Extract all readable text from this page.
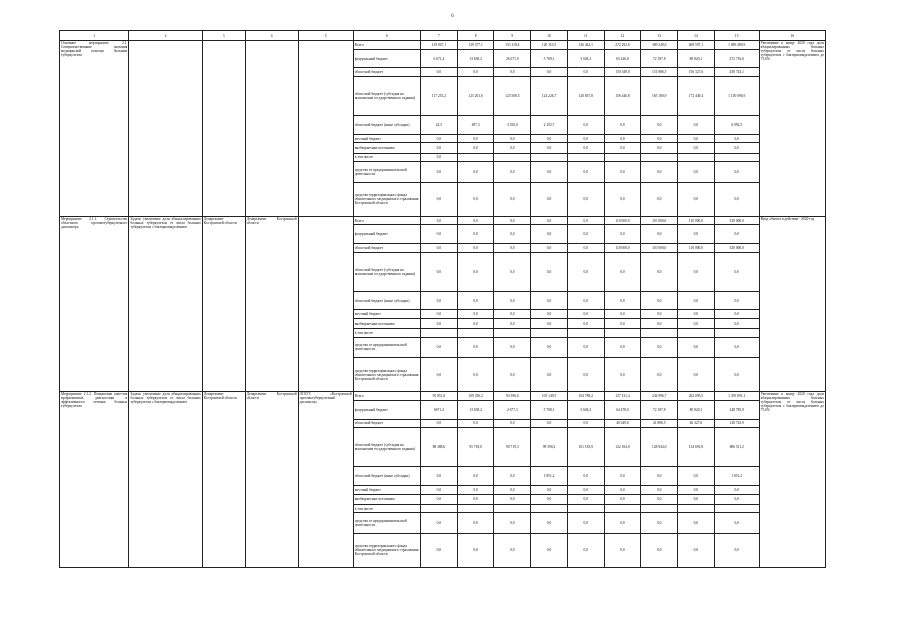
6
1	2	3	4	5	6	7	8	9	10	11	12	13	14	15	16
Основное мероприятие 2.1. Совершенствование оказания медицинской помощи больным туберкулезом					Всего	119 947,1	139 377,1	153 118,4	120 110,5	126 442,1	272 292,6	389 249,0	409 597,1	1 889 489,9	Увеличение к концу 2020 года доли абациллированных больных туберкулезом от числа больных туберкулезом с бактериовыделением до 75,0%
					федеральный бюджет	6 671,4	13 638,2	26 671,9	5 708,1	5 604,3	65 426,8	72 187,8	80 820,1	272 716,6	
					областной бюджет	0,0	0,0	0,0	0,0	0,0	150 349,0	151 886,5	156 327,6	458 743,1	
					областной бюджет (субсидия на выполнение государственного задания)	117 253,2	125 201,6	123 508,5	124 226,7	120 837,8	156 446,8	165 180,9	172 449,4	1 150 096,9	
					областной бюджет (иные субсидии)	22,5	497,3	3 350,0	2 102,7	0,0	0,0	0,0	0,0	6 092,5	
					местный бюджет	0,0	0,0	0,0	0,0	0,0	0,0	0,0	0,0	0,0	
					внебюджетные источники	0,0	0,0	0,0	0,0	0,0	0,0	0,0	0,0	0,0	
					в том числе:	0,0									
					средства от предпринимательской деятельности	0,0	0,0	0,0	0,0	0,0	0,0	0,0	0,0	0,0	
					средства территориального фонда обязательного медицинского страхования Костромской области	0,0	0,0	0,0	0,0	0,0	0,0	0,0	0,0	0,0	
Мероприятие 2.1.1. Строительство областного противотуберкулезного диспансера	Задача: увеличение доли абациллированных больных туберкулезом от числа больных туберкулезом с бактериовыделением	Департамент Костромской области	Департамент Костромской области		Всего	0,0	0,0	0,0	0,0	0,0	110 000,0	110 000,0	110 000,0	330 000,0	Ввод объекта в действие - 2020 год
					федеральный бюджет	0,0	0,0	0,0	0,0	0,0	0,0	0,0	0,0	0,0	
					областной бюджет	0,0	0,0	0,0	0,0	0,0	110 000,0	110 000,0	110 000,0	330 000,0	
					областной бюджет (субсидия на выполнение государственного задания)	0,0	0,0	0,0	0,0	0,0	0,0	0,0	0,0	0,0	
					областной бюджет (иные субсидии)	0,0	0,0	0,0	0,0	0,0	0,0	0,0	0,0	0,0	
					местный бюджет	0,0	0,0	0,0	0,0	0,0	0,0	0,0	0,0	0,0	
					внебюджетные источники	0,0	0,0	0,0	0,0	0,0	0,0	0,0	0,0	0,0	
					в том числе:										
					средства от предпринимательской деятельности	0,0	0,0	0,0	0,0	0,0	0,0	0,0	0,0	0,0	
					средства территориального фонда обязательного медицинского страхования Костромской области	0,0	0,0	0,0	0,0	0,0	0,0	0,0	0,0	0,0	
Мероприятие 2.1.2. Повышение качества профилактики, диагностики и эффективности лечения больных туберкулезом	Задача: увеличение доли абациллированных больных туберкулезом от числа больных туберкулезом с бактериовыделением	Департамент Костромской области	Департамент Костромской области	ОГБУЗ «Костромской противотуберкулезный диспансер»	Всего	95 851,0	109 356,2	93 396,6	105 149,5	104 788,2	127 131,4	242 996,7	262 095,5	1 395 891,1	Увеличение к концу 2020 года доли абациллированных больных туберкулезом от числа больных туберкулезом с бактериовыделением до 75,0%
					федеральный бюджет	6671,4	13 638,2	2 677,3	5 708,1	5 604,3	64 478,0	72 187,8	80 820,1	248 785,9	
					областной бюджет	0,0	0,0	0,0	0,0	0,0	40 349,0	41 886,5	46 327,6	128 743,9	
					областной бюджет (субсидия на выполнение государственного задания)	88 388,6	95 718,0	90 719,3	99 590,2	101 183,9	122 104,0	128 944,0	134 691,8	886 511,2	
					областной бюджет (иные субсидии)	0,0	0,0	0,0	1 851,2	0,0	0,0	0,0	0,0	1 851,2	
					местный бюджет	0,0	0,0	0,0	0,0	0,0	0,0	0,0	0,0	0,0	
					внебюджетные источники	0,0	0,0	0,0	0,0	0,0	0,0	0,0	0,0	0,0	
					в том числе:										
					средства от предпринимательской деятельности	0,0	0,0	0,0	0,0	0,0	0,0	0,0	0,0	0,0	
					средства территориального фонда обязательного медицинского страхования Костромской области	0,0	0,0	0,0	0,0	0,0	0,0	0,0	0,0	0,0	
